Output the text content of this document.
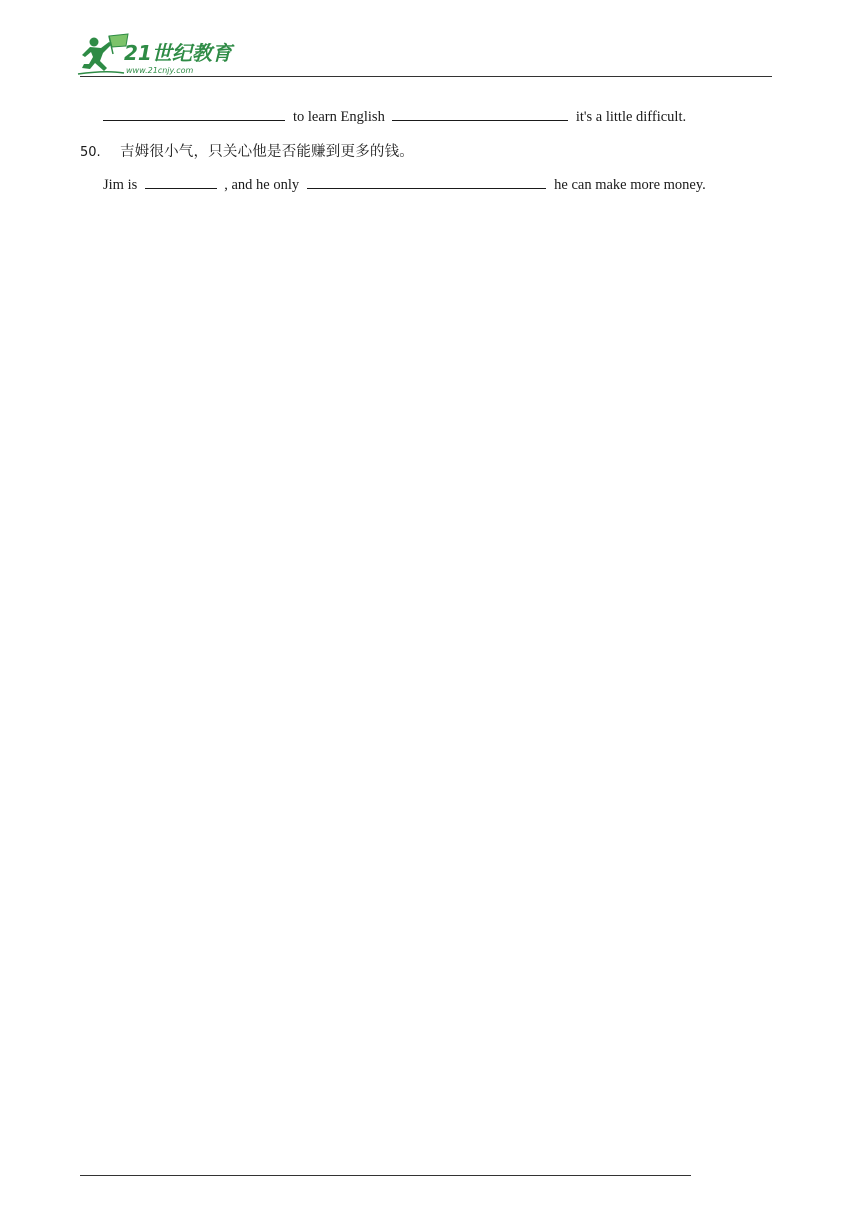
21世纪教育
www.21cnjy.com
to learn English	it's a little difficult.
50.	吉姆很小气，只关心他是否能赚到更多的钱。
Jim is	, and he only	he can make more money.
